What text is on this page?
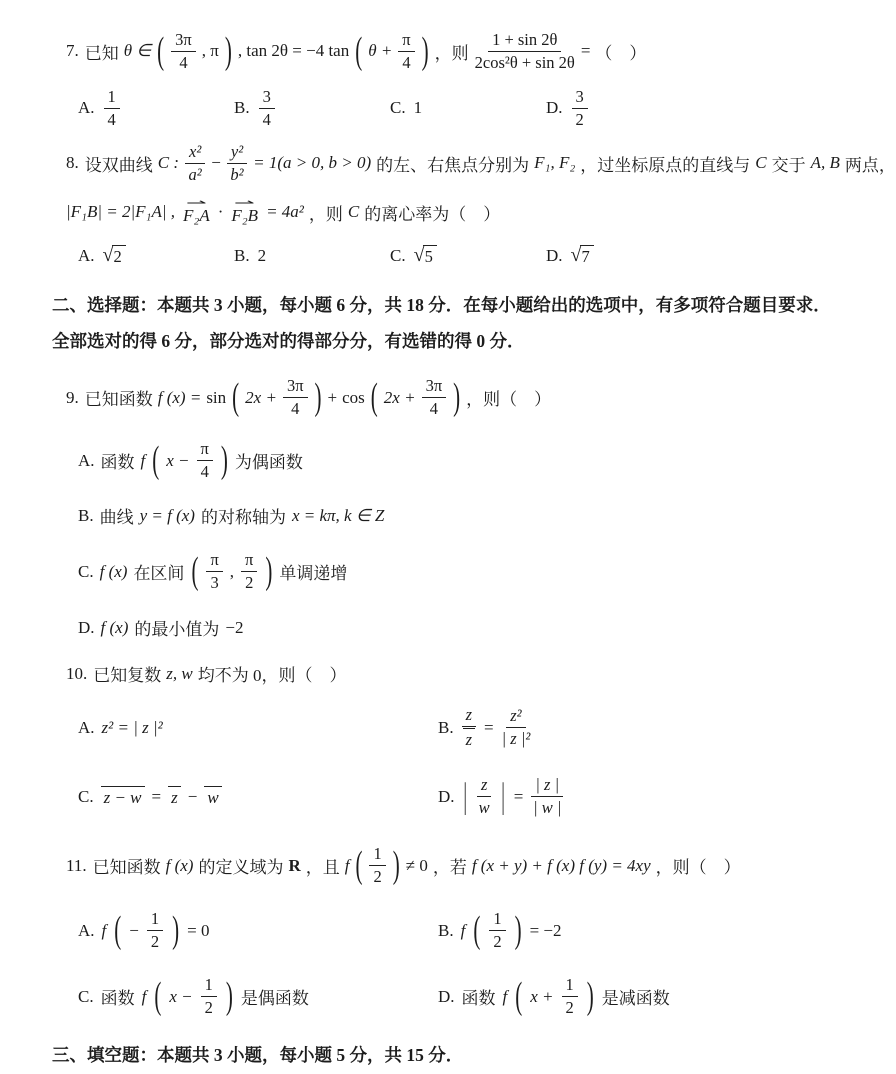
7. 已知 θ ∈ ( $\frac{3\pi}{4}$ , π ) , tan 2θ = −4 tan ( $\theta + \frac{\pi}{4}$ ) ，则 $\frac{1 + \sin 2\theta}{\text{2cos²θ + sin 2θ}}$ = （　）
A. $\frac{1}{4}$	B. $\frac{3}{4}$	C. 1	D. $\frac{3}{2}$
8. 设双曲线 C : $\frac{\text{x²}}{\text{a²}} - \frac{\text{y²}}{\text{b²}} = 1(a > 0$, b > 0) 的左、右焦点分别为 F₁, F₂ ，过坐标原点的直线与 C 交于 A, B 两点，
|F₁B| = 2|F₁A| , ⇀
F₂A · ⇀
F₂B = 4a² ，则 C 的离心率为（　）
A. √ 2	B. 2	C. √ 5	D. √ 7

二、选择题：本题共 3 小题，每小题 6 分，共 18 分．在每小题给出的选项中，有多项符合题目要求．全部选对的得 6 分，部分选对的得部分分，有选错的得 0 分．

9. 已知函数 f (x) = sin ( $2x + \frac{3\pi}{4}$ ) + cos ( $2x + \frac{3\pi}{4}$ ) ，则（　）
A. 函数 f ( $x - \frac{\pi}{4}$ ) 为偶函数
B. 曲线 y = f (x) 的对称轴为 x = kπ, k ∈ Z
C. f (x) 在区间 ( $\frac{\pi}{3}$ , $\frac{\pi}{2}$ ) 单调递增
D. f (x) 的最小值为 −2
10. 已知复数 z, w 均不为 0，则（　）
A. z² = | z |²	B. $\frac{z}{z} = \frac{\text{z²}}{\text{| z |²}}$
C. z − w = z − w	D. | $\frac{z}{w}$ | = $\frac{| z |}{| w |}$
11. 已知函数 f (x) 的定义域为 R ，且 f ( $\frac{1}{2}$ ) ≠ 0 ，若 f (x + y) + f (x) f (y) = 4xy ，则（　）
A. f ( − $\frac{1}{2}$ ) = 0	B. f ( $\frac{1}{2}$ ) = −2
C. 函数 f ( $x - \frac{1}{2}$ ) 是偶函数	D. 函数 f ( $x + \frac{1}{2}$ ) 是减函数

三、填空题：本题共 3 小题，每小题 5 分，共 15 分．
